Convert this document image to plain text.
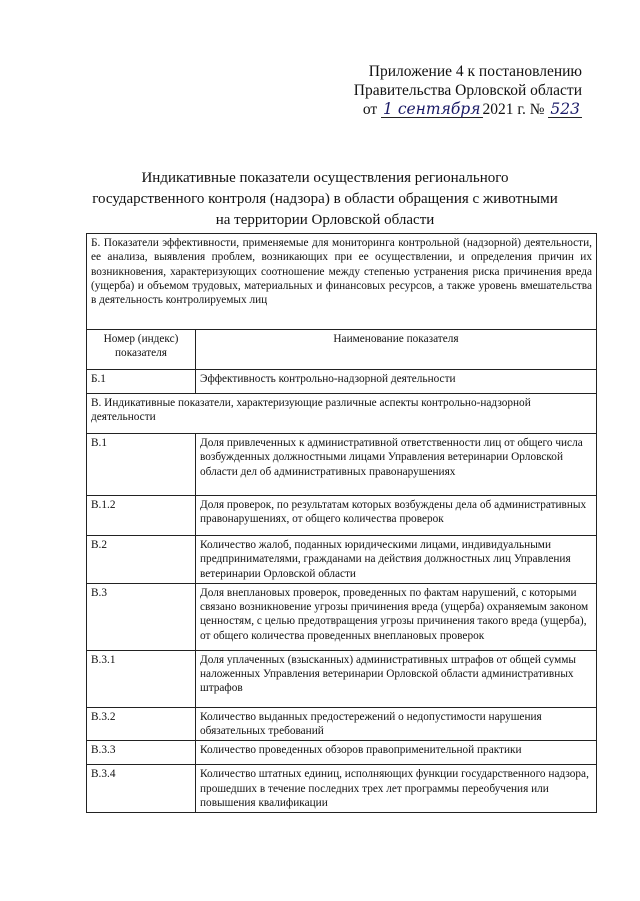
Приложение 4 к постановлению
Правительства Орловской области
от 1 сентября 2021 г. № 523
Индикативные показатели осуществления регионального государственного контроля (надзора) в области обращения с животными на территории Орловской области
Б. Показатели эффективности, применяемые для мониторинга контрольной (надзорной) деятельности, ее анализа, выявления проблем, возникающих при ее осуществлении, и определения причин их возникновения, характеризующих соотношение между степенью устранения риска причинения вреда (ущерба) и объемом трудовых, материальных и финансовых ресурсов, а также уровень вмешательства в деятельность контролируемых лиц	
Номер (индекс) показателя	Наименование показателя
Б.1	Эффективность контрольно-надзорной деятельности
В. Индикативные показатели, характеризующие различные аспекты контрольно-надзорной деятельности	
В.1	Доля привлеченных к административной ответственности лиц от общего числа возбужденных должностными лицами Управления ветеринарии Орловской области дел об административных правонарушениях
В.1.2	Доля проверок, по результатам которых возбуждены дела об административных правонарушениях, от общего количества проверок
В.2	Количество жалоб, поданных юридическими лицами, индивидуальными предпринимателями, гражданами на действия должностных лиц Управления ветеринарии Орловской области
В.3	Доля внеплановых проверок, проведенных по фактам нарушений, с которыми связано возникновение угрозы причинения вреда (ущерба) охраняемым законом ценностям, с целью предотвращения угрозы причинения такого вреда (ущерба), от общего количества проведенных внеплановых проверок
В.3.1	Доля уплаченных (взысканных) административных штрафов от общей суммы наложенных Управления ветеринарии Орловской области административных штрафов
В.3.2	Количество выданных предостережений о недопустимости нарушения обязательных требований
В.3.3	Количество проведенных обзоров правоприменительной практики
В.3.4	Количество штатных единиц, исполняющих функции государственного надзора, прошедших в течение последних трех лет программы переобучения или повышения квалификации
